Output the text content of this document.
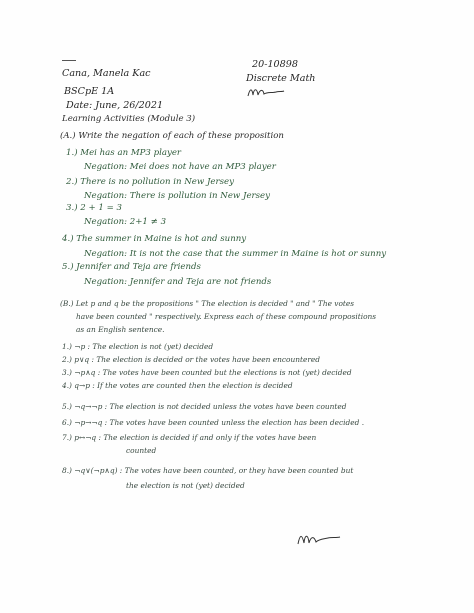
Cana, Manela Kac
BSCpE 1A
Date: June, 26/2021
20-10898
Discrete Math
Learning Activities (Module 3)
(A.) Write the negation of each of these proposition
1.) Mei has an MP3 player
Negation: Mei does not have an MP3 player
2.) There is no pollution in New Jersey
Negation: There is pollution in New Jersey
3.) 2 + 1 = 3
Negation: 2+1 ≠ 3
4.) The summer in Maine is hot and sunny
Negation: It is not the case that the summer in Maine is hot or sunny
5.) Jennifer and Teja are friends
Negation: Jennifer and Teja are not friends
(B.) Let p and q be the propositions " The election is decided " and " The votes
have been counted " respectively. Express each of these compound propositions
as an English sentence.
1.) ¬p : The election is not (yet) decided
2.) p∨q : The election is decided or the votes have been encountered
3.) ¬p∧q : The votes have been counted but the elections is not (yet) decided
4.) q→p : If the votes are counted then the election is decided
5.) ¬q→¬p : The election is not decided unless the votes have been counted
6.) ¬p→¬q : The votes have been counted unless the election has been decided .
7.) p↔¬q : The election is decided if and only if the votes have been
counted
8.) ¬q∨(¬p∧q) : The votes have been counted, or they have been counted but
the election is not (yet) decided
